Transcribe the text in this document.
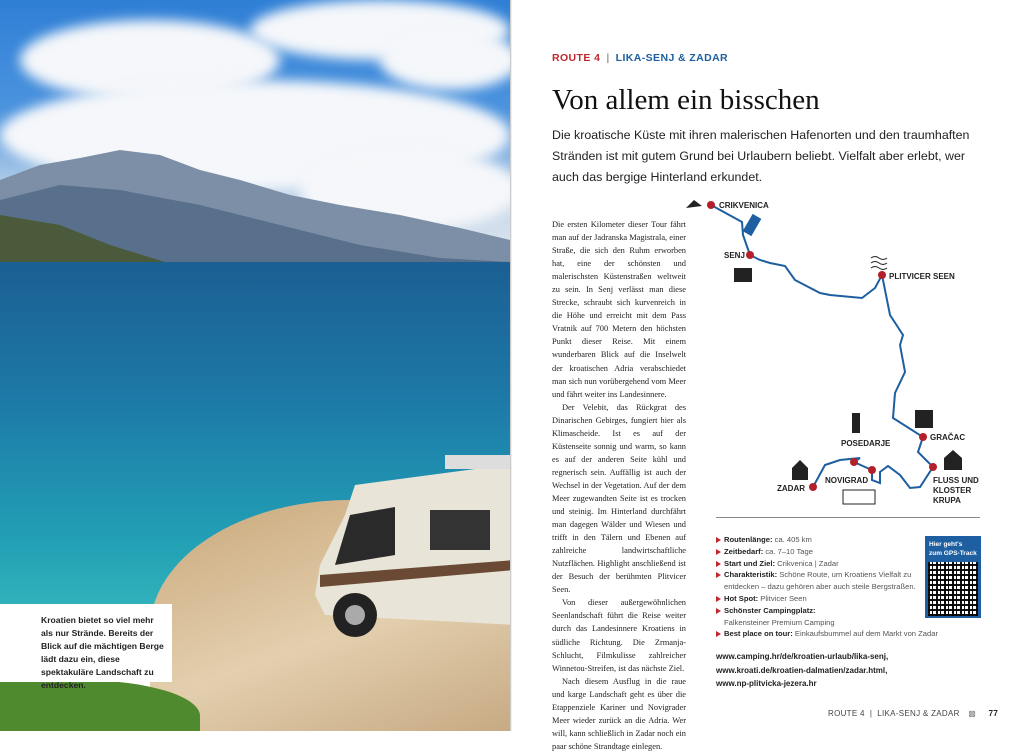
Kroatien bietet so viel mehr als nur Strände. Bereits der Blick auf die mächtigen Berge lädt dazu ein, diese spektakuläre Landschaft zu entdecken.
ROUTE 4 | LIKA-SENJ & ZADAR
Von allem ein bisschen

Die kroatische Küste mit ihren malerischen Hafenorten und den traumhaften Stränden ist mit gutem Grund bei Urlaubern beliebt. Vielfalt aber erlebt, wer auch das bergige Hinterland erkundet.

Die ersten Kilometer dieser Tour fährt man auf der Jadranska Magistrala, einer Straße, die sich den Ruhm erworben hat, eine der schönsten und malerischsten Küstenstraßen weltweit zu sein. In Senj verlässt man diese Strecke, schraubt sich kurvenreich in die Höhe und erreicht mit dem Pass Vratnik auf 700 Metern den höchsten Punkt dieser Reise. Mit einem wunderbaren Blick auf die Inselwelt der kroatischen Adria verabschiedet man sich nun vorübergehend vom Meer und fährt weiter ins Landesinnere.

Der Velebit, das Rückgrat des Dinarischen Gebirges, fungiert hier als Klimascheide. Ist es auf der Küstenseite sonnig und warm, so kann es auf der anderen Seite kühl und regnerisch sein. Auffällig ist auch der Wechsel in der Vegetation. Auf der dem Meer zugewandten Seite ist es trocken und steinig. Im Hinterland durchfährt man dagegen Wälder und Wiesen und trifft in den Tälern und Ebenen auf zahlreiche landwirtschaftliche Nutzflächen. Highlight anschließend ist der Besuch der berühmten Plitvicer Seen.

Von dieser außergewöhnlichen Seenlandschaft führt die Reise weiter durch das Landesinnere Kroatiens in südliche Richtung. Die Zrmanja-Schlucht, Filmkulisse zahlreicher Winnetou-Streifen, ist das nächste Ziel.

Nach diesem Ausflug in die raue und karge Landschaft geht es über die Etappenziele Kariner und Novigrader Meer wieder zurück an die Adria. Wer will, kann schließlich in Zadar noch ein paar schöne Strandtage einlegen.

CRIKVENICA
SENJ
PLITVICER SEEN
GRAČAC
POSEDARJE
NOVIGRAD
ZADAR
FLUSS UND
KLOSTER
KRUPA
Routenlänge: ca. 405 km
Zeitbedarf: ca. 7–10 Tage
Start und Ziel: Crikvenica | Zadar
Charakteristik: Schöne Route, um Kroatiens Vielfalt zu entdecken – dazu gehören aber auch steile Bergstraßen.
Hot Spot: Plitvicer Seen
Schönster Campingplatz:
Falkensteiner Premium Camping
Best place on tour: Einkaufsbummel auf dem Markt von Zadar
Hier geht's zum GPS-Track
www.camping.hr/de/kroatien-urlaub/lika-senj,
www.kroati.de/kroatien-dalmatien/zadar.html,
www.np-plitvicka-jezera.hr
ROUTE 4  |  LIKA-SENJ & ZADAR ▩ 77
